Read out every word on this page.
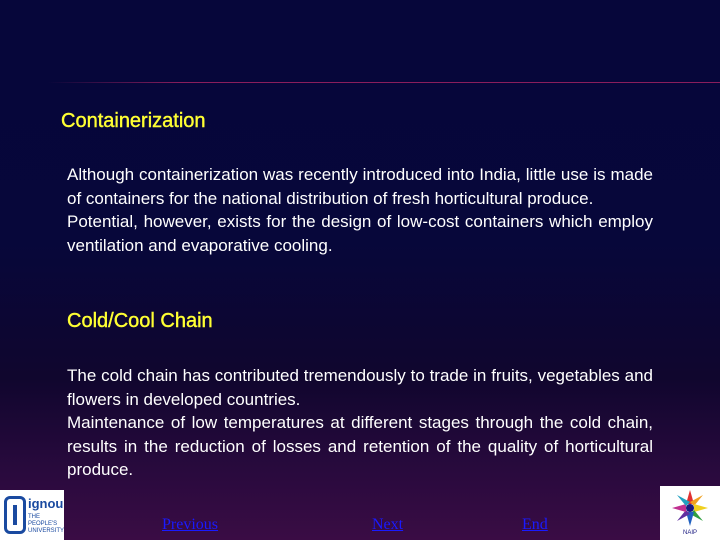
Containerization

Although containerization was recently introduced into India, little use is made of containers for the national distribution of fresh horticultural produce.

Potential, however, exists for the design of low-cost containers which employ ventilation and evaporative cooling.

Cold/Cool Chain

The cold chain has contributed tremendously to trade in fruits, vegetables and flowers in developed countries.

Maintenance of low temperatures at different stages through the cold chain, results in the reduction of losses and retention of the quality of horticultural produce.

ignou
THE PEOPLE'S UNIVERSITY	Previous	Next	End	NAIP
